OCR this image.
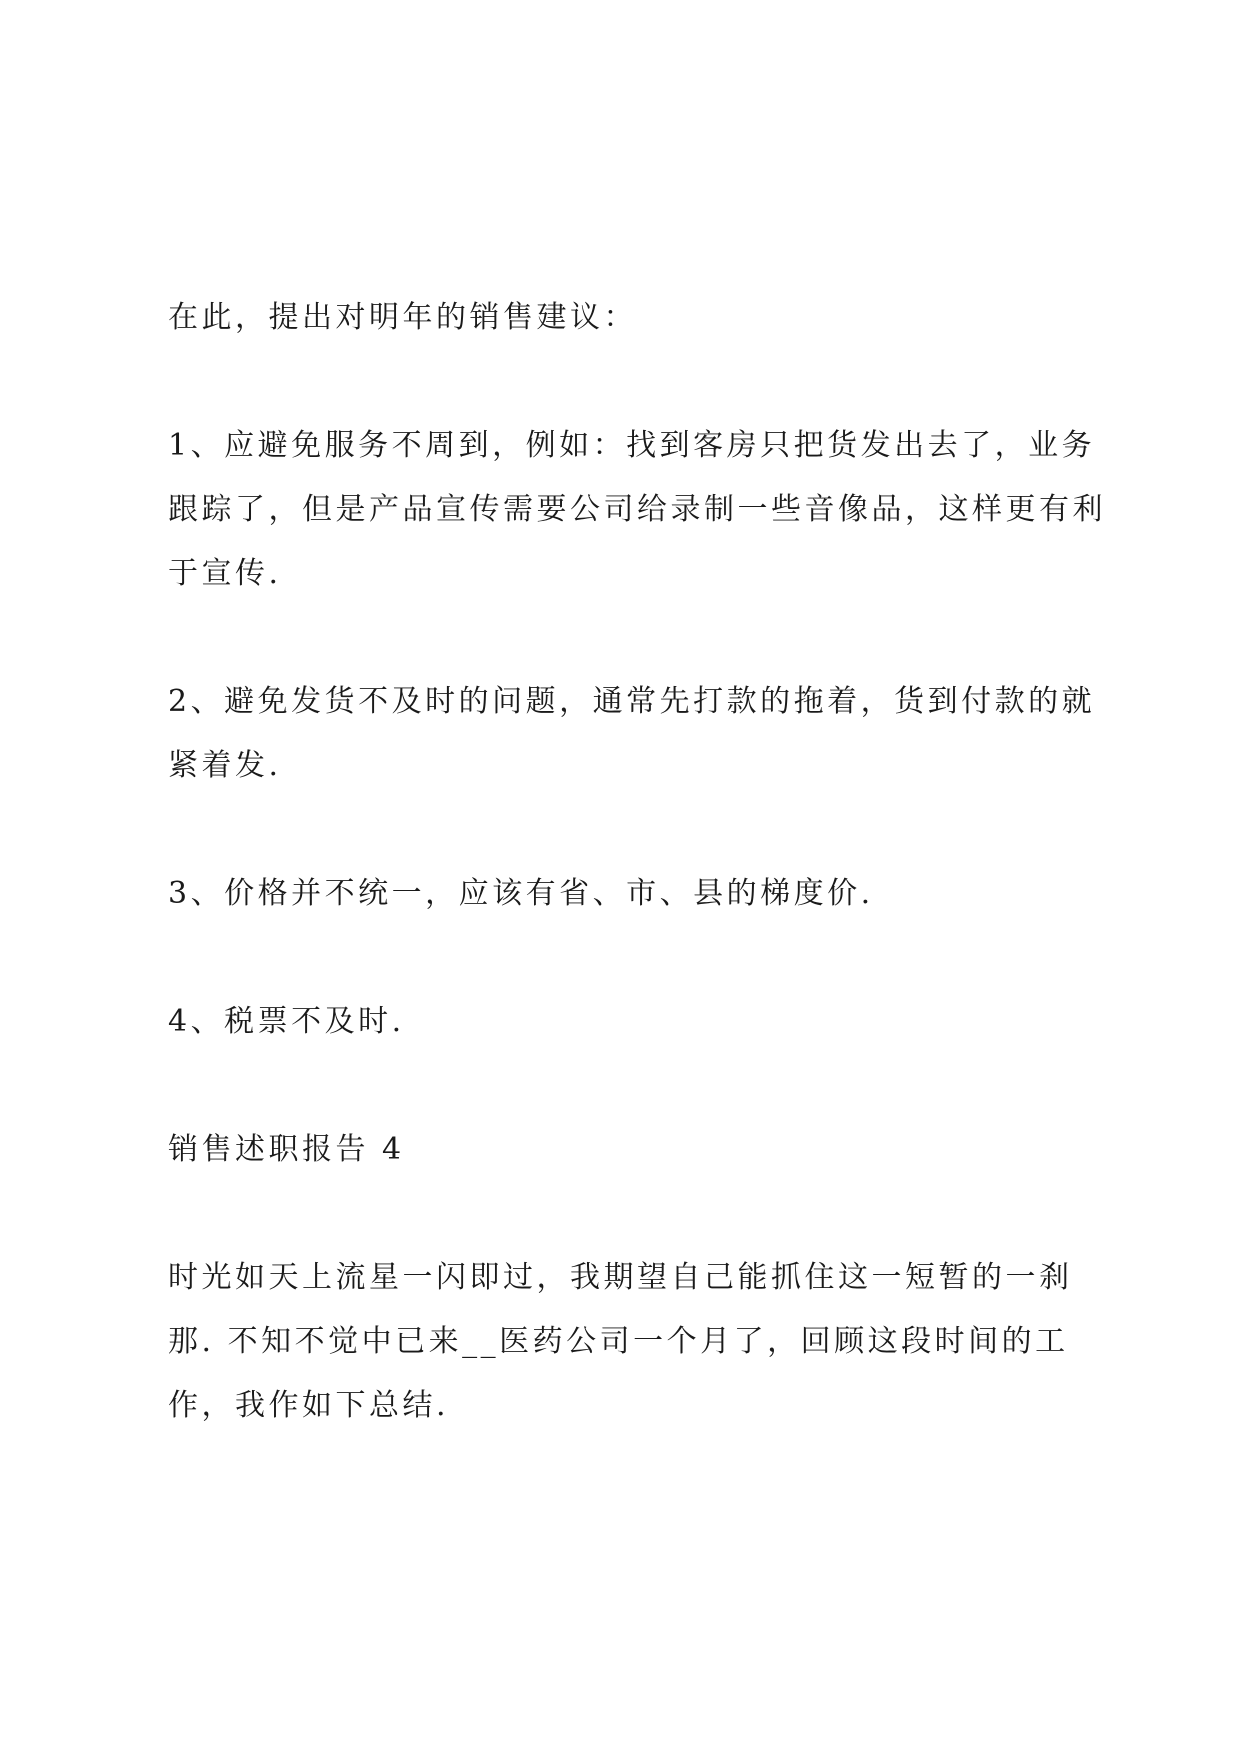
在此，提出对明年的销售建议：

1、应避免服务不周到，例如：找到客房只把货发出去了，业务

跟踪了，但是产品宣传需要公司给录制一些音像品，这样更有利

于宣传.

2、避免发货不及时的问题，通常先打款的拖着，货到付款的就

紧着发.

3、价格并不统一，应该有省、市、县的梯度价.

4、税票不及时.

销售述职报告 4

时光如天上流星一闪即过，我期望自己能抓住这一短暂的一刹

那. 不知不觉中已来__医药公司一个月了，回顾这段时间的工

作，我作如下总结.
